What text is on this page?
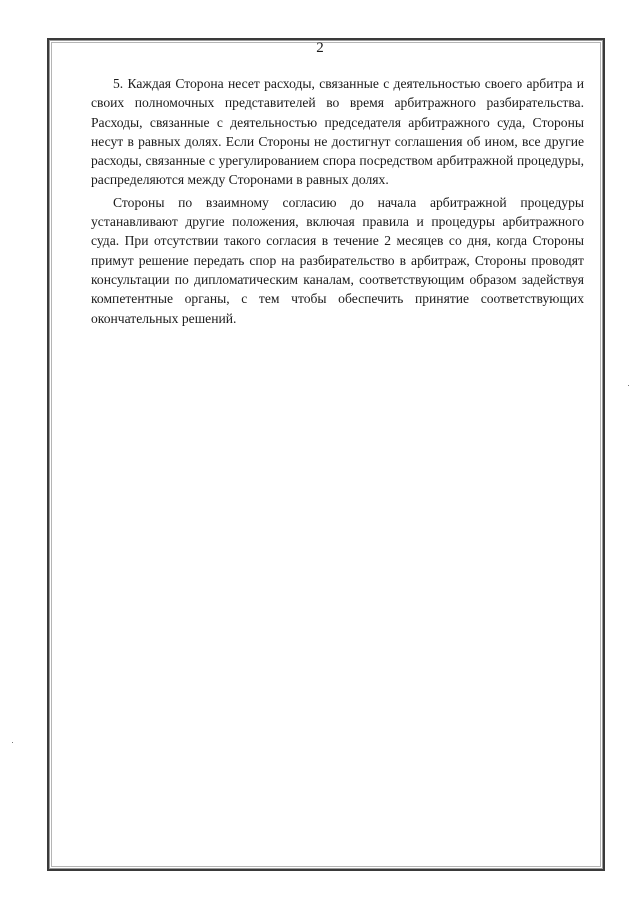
2

5. Каждая Сторона несет расходы, связанные с деятельностью своего арбитра и своих полномочных представителей во время арбитражного разбирательства. Расходы, связанные с деятельностью председателя арбитражного суда, Стороны несут в равных долях. Если Стороны не достигнут соглашения об ином, все другие расходы, связанные с урегулированием спора посредством арбитражной процедуры, распределяются между Сторонами в равных долях.

Стороны по взаимному согласию до начала арбитражной процедуры устанавливают другие положения, включая правила и процедуры арбитражного суда. При отсутствии такого согласия в течение 2 месяцев со дня, когда Стороны примут решение передать спор на разбирательство в арбитраж, Стороны проводят консультации по дипломатическим каналам, соответствующим образом задействуя компетентные органы, с тем чтобы обеспечить принятие соответствующих окончательных решений.
